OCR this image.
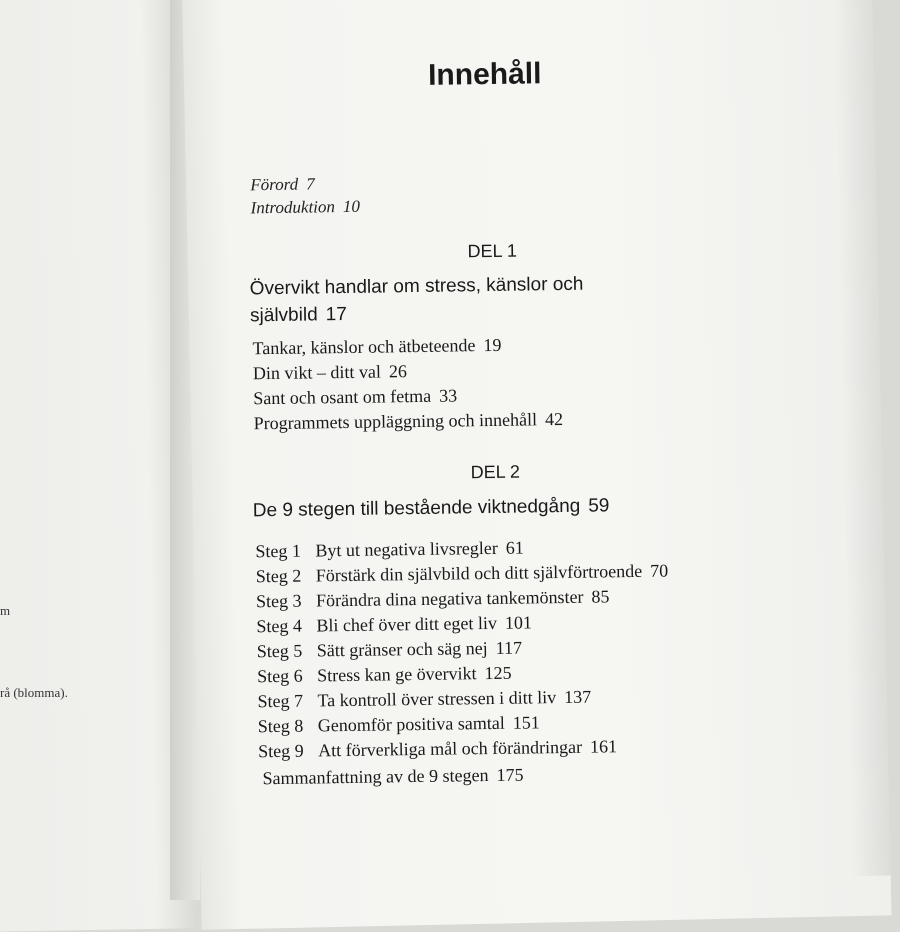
m
rå (blomma).
Innehåll
Förord 7
Introduktion 10
DEL 1
Övervikt handlar om stress, känslor och
självbild 17
Tankar, känslor och ätbeteende 19
Din vikt – ditt val 26
Sant och osant om fetma 33
Programmets uppläggning och innehåll 42
DEL 2
De 9 stegen till bestående viktnedgång 59
Steg 1 Byt ut negativa livsregler 61
Steg 2 Förstärk din självbild och ditt självförtroende 70
Steg 3 Förändra dina negativa tankemönster 85
Steg 4 Bli chef över ditt eget liv 101
Steg 5 Sätt gränser och säg nej 117
Steg 6 Stress kan ge övervikt 125
Steg 7 Ta kontroll över stressen i ditt liv 137
Steg 8 Genomför positiva samtal 151
Steg 9 Att förverkliga mål och förändringar 161
Sammanfattning av de 9 stegen 175
